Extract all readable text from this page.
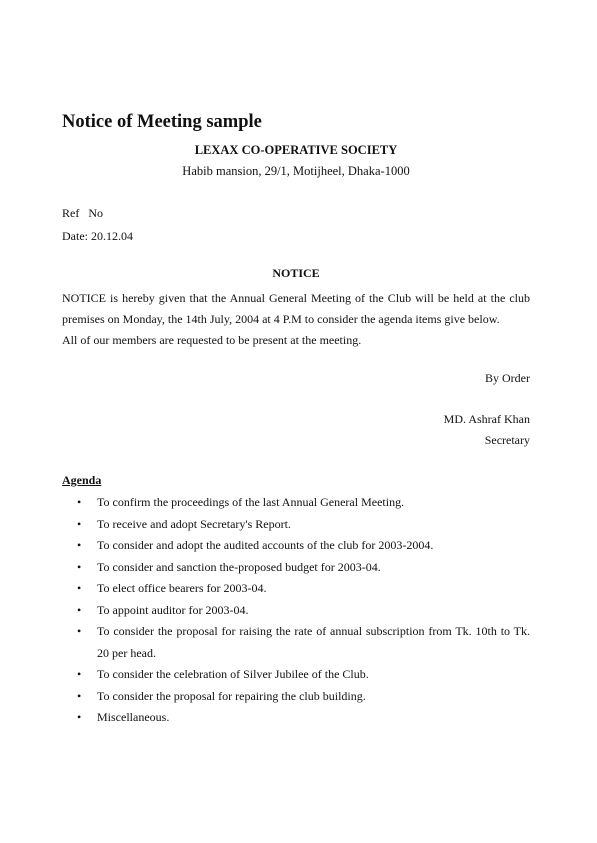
Notice of Meeting sample
LEXAX CO-OPERATIVE SOCIETY
Habib mansion, 29/1, Motijheel, Dhaka-1000
Ref   No
Date: 20.12.04
NOTICE
NOTICE is hereby given that the Annual General Meeting of the Club will be held at the club
premises on Monday, the 14th July, 2004 at 4 P.M to consider the agenda items give below.
All of our members are requested to be present at the meeting.
By Order
MD. Ashraf Khan
Secretary
Agenda
• To confirm the proceedings of the last Annual General Meeting.
• To receive and adopt Secretary's Report.
• To consider and adopt the audited accounts of the club for 2003-2004.
• To consider and sanction the-proposed budget for 2003-04.
• To elect office bearers for 2003-04.
• To appoint auditor for 2003-04.
• To consider the proposal for raising the rate of annual subscription from Tk. 10th to Tk. 20 per head.
• To consider the celebration of Silver Jubilee of the Club.
• To consider the proposal for repairing the club building.
• Miscellaneous.
